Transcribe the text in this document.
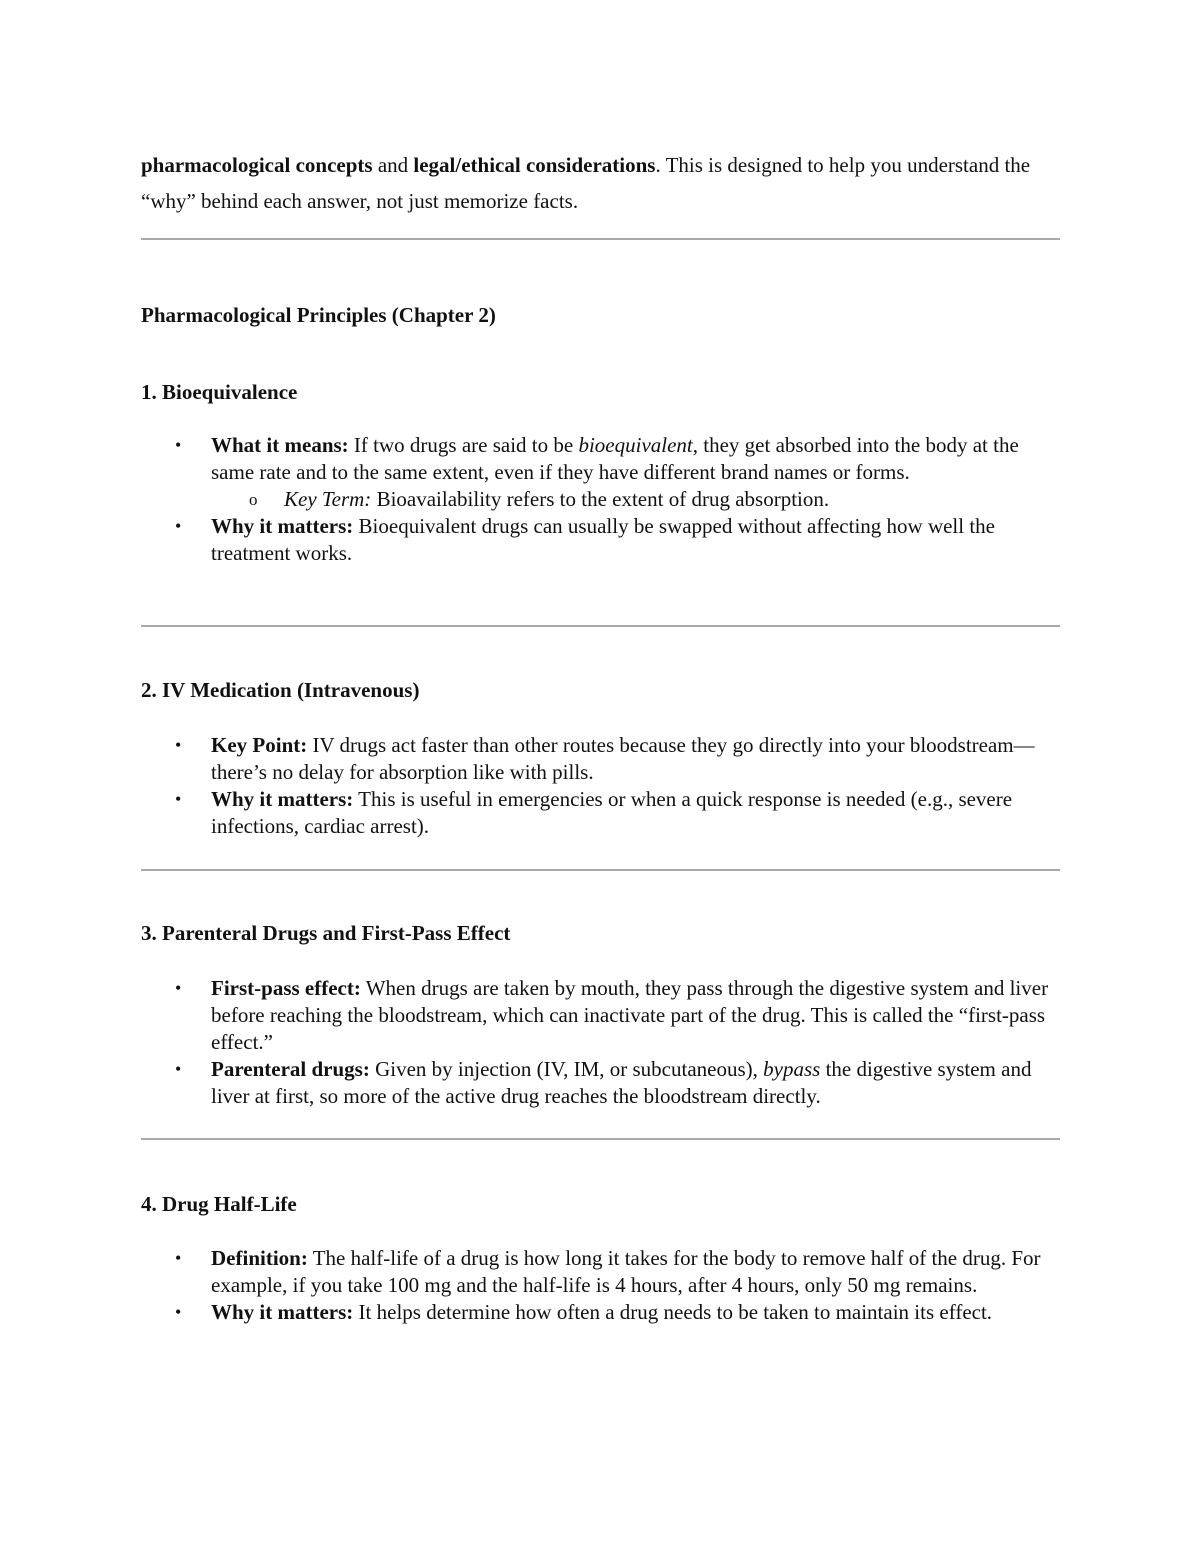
pharmacological concepts and legal/ethical considerations. This is designed to help you understand the “why” behind each answer, not just memorize facts.

Pharmacological Principles (Chapter 2)
1. Bioequivalence
• What it means: If two drugs are said to be bioequivalent, they get absorbed into the body at the same rate and to the same extent, even if they have different brand names or forms.
o Key Term: Bioavailability refers to the extent of drug absorption.
• Why it matters: Bioequivalent drugs can usually be swapped without affecting how well the treatment works.
2. IV Medication (Intravenous)
• Key Point: IV drugs act faster than other routes because they go directly into your bloodstream—there’s no delay for absorption like with pills.
• Why it matters: This is useful in emergencies or when a quick response is needed (e.g., severe infections, cardiac arrest).
3. Parenteral Drugs and First-Pass Effect
• First-pass effect: When drugs are taken by mouth, they pass through the digestive system and liver before reaching the bloodstream, which can inactivate part of the drug. This is called the “first-pass effect.”
• Parenteral drugs: Given by injection (IV, IM, or subcutaneous), bypass the digestive system and liver at first, so more of the active drug reaches the bloodstream directly.
4. Drug Half-Life
• Definition: The half-life of a drug is how long it takes for the body to remove half of the drug. For example, if you take 100 mg and the half-life is 4 hours, after 4 hours, only 50 mg remains.
• Why it matters: It helps determine how often a drug needs to be taken to maintain its effect.
